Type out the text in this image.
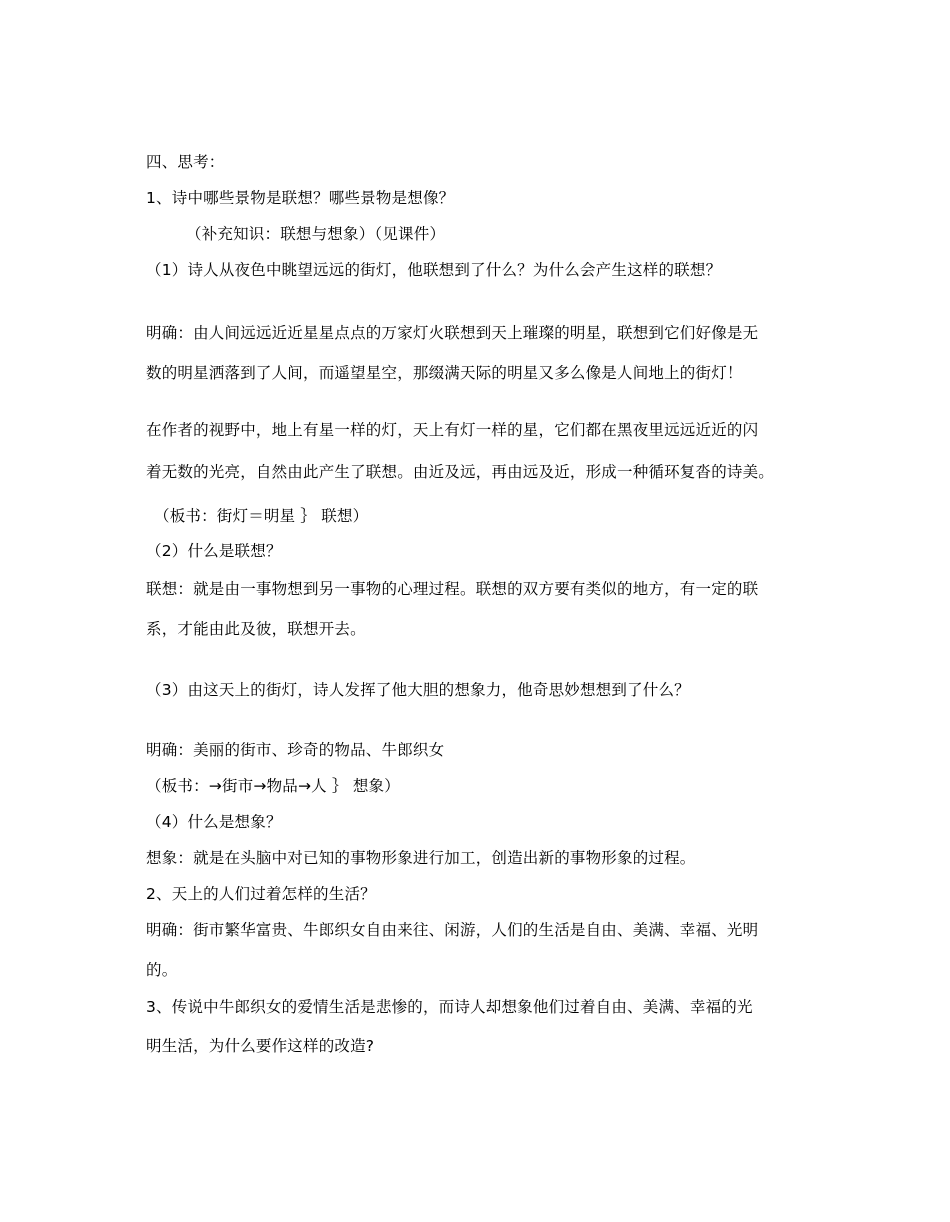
四、思考：
1、诗中哪些景物是联想？哪些景物是想像？
（补充知识：联想与想象）（见课件）
（1）诗人从夜色中眺望远远的街灯，他联想到了什么？为什么会产生这样的联想？
明确：由人间远远近近星星点点的万家灯火联想到天上璀璨的明星，联想到它们好像是无
数的明星洒落到了人间，而遥望星空，那缀满天际的明星又多么像是人间地上的街灯！
在作者的视野中，地上有星一样的灯，天上有灯一样的星，它们都在黑夜里远远近近的闪
着无数的光亮，自然由此产生了联想。由近及远，再由远及近，形成一种循环复沓的诗美。
（板书：街灯＝明星 ｝ 联想）
（2）什么是联想？
联想：就是由一事物想到另一事物的心理过程。联想的双方要有类似的地方，有一定的联
系，才能由此及彼，联想开去。
（3）由这天上的街灯，诗人发挥了他大胆的想象力，他奇思妙想想到了什么？
明确：美丽的街市、珍奇的物品、牛郎织女
（板书：→街市→物品→人 ｝ 想象）
（4）什么是想象？
想象：就是在头脑中对已知的事物形象进行加工，创造出新的事物形象的过程。
2、天上的人们过着怎样的生活？
明确：街市繁华富贵、牛郎织女自由来往、闲游，人们的生活是自由、美满、幸福、光明
的。
3、传说中牛郎织女的爱情生活是悲惨的，而诗人却想象他们过着自由、美满、幸福的光
明生活，为什么要作这样的改造?
